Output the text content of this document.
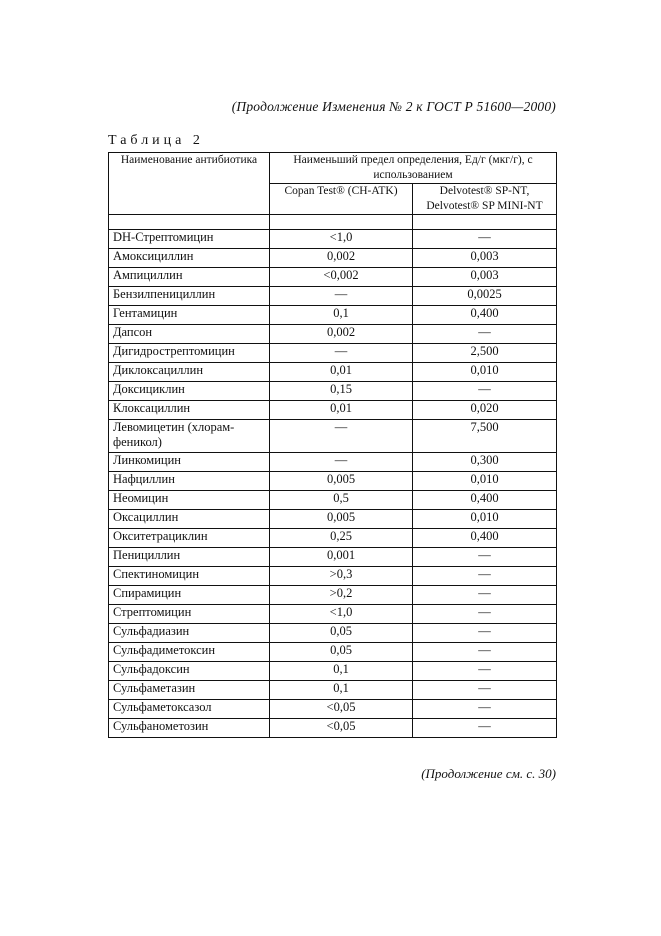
(Продолжение Изменения № 2 к ГОСТ Р 51600—2000)
Таблица 2
Наименование антибиотика	Наименьший предел определения, Ед/г (мкг/г), с использованием	
	Copan Test® (CH-ATK)	Delvotest® SP-NT, Delvotest® SP MINI-NT

DH-Стрептомицин	<1,0	—
Амоксициллин	0,002	0,003
Ампициллин	<0,002	0,003
Бензилпенициллин	—	0,0025
Гентамицин	0,1	0,400
Дапсон	0,002	—
Дигидрострептомицин	—	2,500
Диклоксациллин	0,01	0,010
Доксициклин	0,15	—
Клоксациллин	0,01	0,020
Левомицетин (хлорам-
феникол)	—	7,500
Линкомицин	—	0,300
Нафциллин	0,005	0,010
Неомицин	0,5	0,400
Оксациллин	0,005	0,010
Окситетрациклин	0,25	0,400
Пенициллин	0,001	—
Спектиномицин	>0,3	—
Спирамицин	>0,2	—
Стрептомицин	<1,0	—
Сульфадиазин	0,05	—
Сульфадиметоксин	0,05	—
Сульфадоксин	0,1	—
Сульфаметазин	0,1	—
Сульфаметоксазол	<0,05	—
Сульфанометозин	<0,05	—
(Продолжение см. с. 30)
